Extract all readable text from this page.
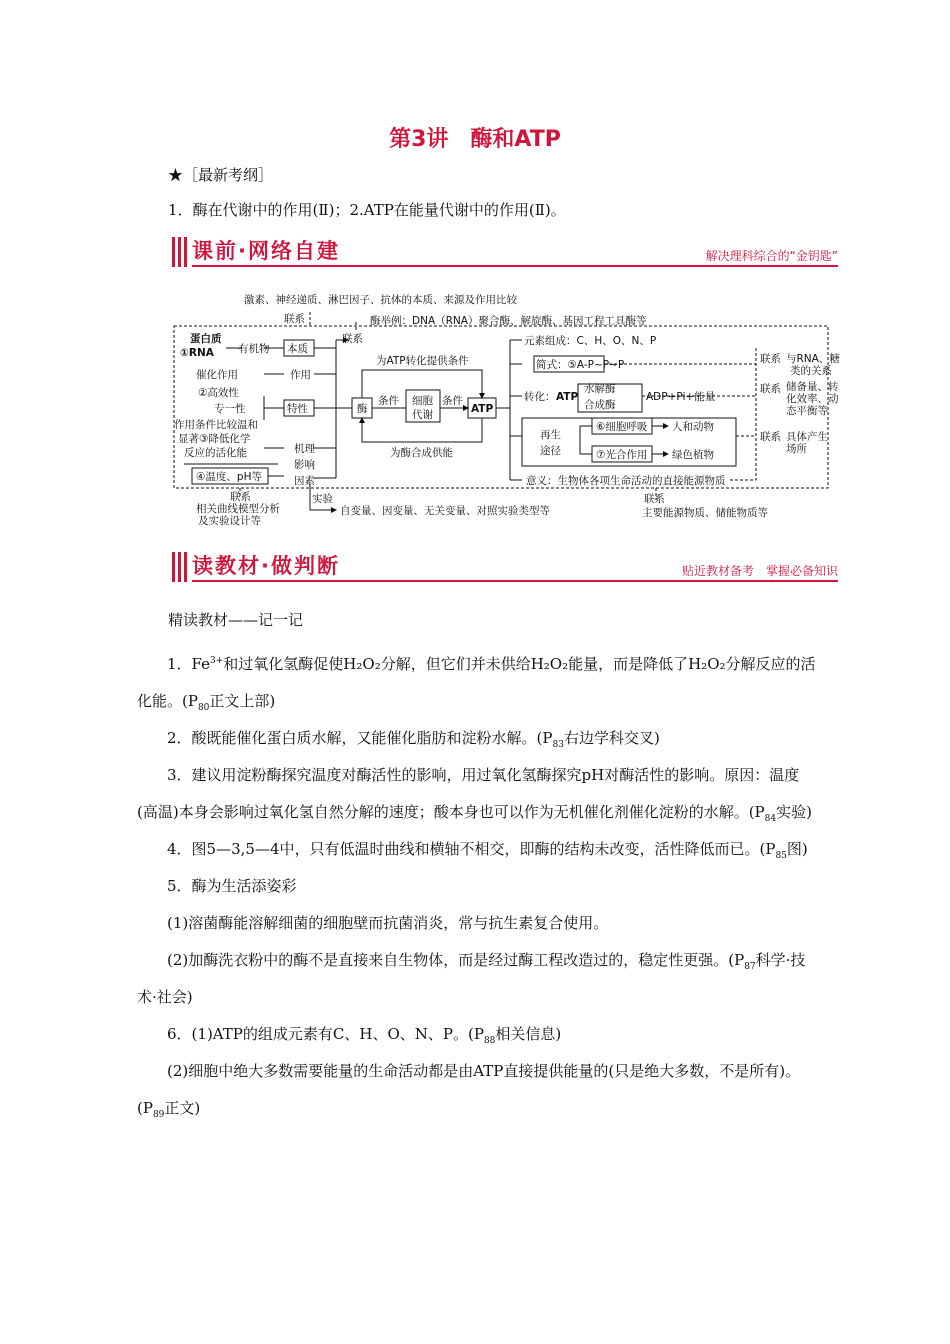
第3讲　酶和ATP
★［最新考纲］
1．酶在代谢中的作用(Ⅱ)；2.ATP在能量代谢中的作用(Ⅱ)。
课前·网络自建	解决理科综合的“金钥匙”
激素、神经递质、淋巴因子、抗体的本质、来源及作用比较
联系	酶举例：DNA（RNA）聚合酶、解旋酶、基因工程工具酶等
联系
蛋白质
①RNA 有机物 本质
催化作用	作用
②高效性
专一性	特性
作用条件比较温和
显著③降低化学
反应的活化能	机理
④温度、pH等
影响
因素
酶
为ATP转化提供条件
条件 细胞
代谢
条件
ATP
为酶合成供能
元素组成：C、H、O、N、P
简式：⑤A-P~P~P
转化： ATP
水解酶
合成酶
ADP+Pi+能量
再生
途径
⑥细胞呼吸
⑦光合作用
人和动物
绿色植物
意义：生物体各项生命活动的直接能源物质
联系 与RNA、糖
类的关系
联系 储备量、转
化效率、动
态平衡等
联系 具体产生
场所
联系
相关曲线模型分析
及实验设计等
实验
自变量、因变量、无关变量、对照实验类型等
联系
主要能源物质、储能物质等
读教材·做判断	贴近教材备考　掌握必备知识
精读教材——记一记

1．$Fe^{3+}$和过氧化氢酶促使H₂O₂分解，但它们并未供给H₂O₂能量，而是降低了H₂O₂分解反应的活化能。($P_{80}$正文上部)

2．酸既能催化蛋白质水解，又能催化脂肪和淀粉水解。($P_{83}$右边学科交叉)

3．建议用淀粉酶探究温度对酶活性的影响，用过氧化氢酶探究pH对酶活性的影响。原因：温度(高温)本身会影响过氧化氢自然分解的速度；酸本身也可以作为无机催化剂催化淀粉的水解。($P_{84}$实验)

4．图5—3,5—4中，只有低温时曲线和横轴不相交，即酶的结构未改变，活性降低而已。($P_{85}$图)

5．酶为生活添姿彩

(1)溶菌酶能溶解细菌的细胞壁而抗菌消炎，常与抗生素复合使用。

(2)加酶洗衣粉中的酶不是直接来自生物体，而是经过酶工程改造过的，稳定性更强。($P_{87}$科学·技术·社会)

6．(1)ATP的组成元素有C、H、O、N、P。($P_{88}$相关信息)

(2)细胞中绝大多数需要能量的生命活动都是由ATP直接提供能量的(只是绝大多数，不是所有)。($P_{89}$正文)
